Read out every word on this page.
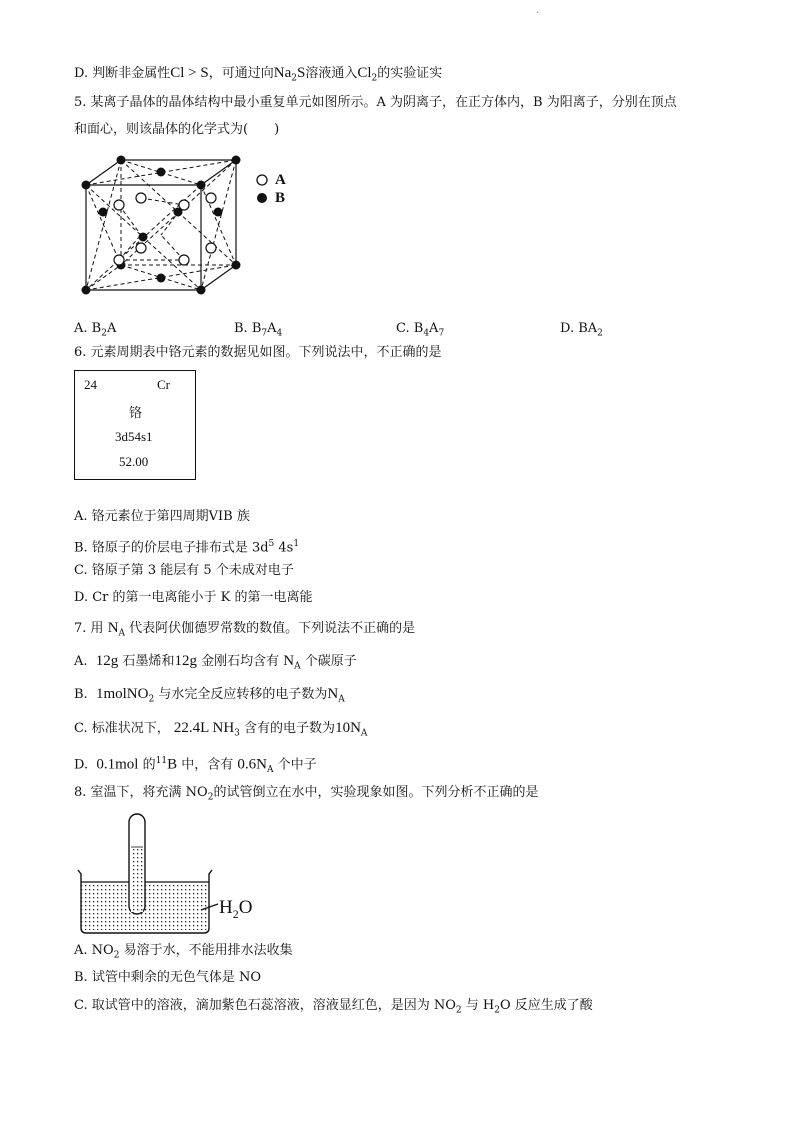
·
D. 判断非金属性Cl > S，可通过向$Na_2S$溶液通入$Cl_2$的实验证实
5. 某离子晶体的晶体结构中最小重复单元如图所示。A 为阴离子，在正方体内，B 为阳离子，分别在顶点
和面心，则该晶体的化学式为(　　)
A
B
A. $B_2A$	B. $B_7A_4$	C. $B_4A_7$	D. $BA_2$
6. 元素周期表中铬元素的数据见如图。下列说法中，不正确的是
24	Cr
铬
3d54s1
52.00
A. 铬元素位于第四周期VIB 族
B. 铬原子的价层电子排布式是 $3d^5$ $4s^1$
C. 铬原子第 3 能层有 5 个未成对电子
D. Cr 的第一电离能小于 K 的第一电离能
7. 用 $N_A$ 代表阿伏伽德罗常数的数值。下列说法不正确的是
A. 12g 石墨烯和12g 金刚石均含有 $N_A$ 个碳原子
B. 1molNO$_2$ 与水完全反应转移的电子数为$N_A$
C. 标准状况下， 22.4L $NH_3$ 含有的电子数为$10N_A$
D. 0.1mol 的$^{11}$B 中，含有 $0.6N_A$ 个中子
8. 室温下，将充满 $NO_2$的试管倒立在水中，实验现象如图。下列分析不正确的是
$H_2O$
A. $NO_2$ 易溶于水，不能用排水法收集
B. 试管中剩余的无色气体是 NO
C. 取试管中的溶液，滴加紫色石蕊溶液，溶液显红色，是因为 $NO_2$ 与 $H_2O$ 反应生成了酸
